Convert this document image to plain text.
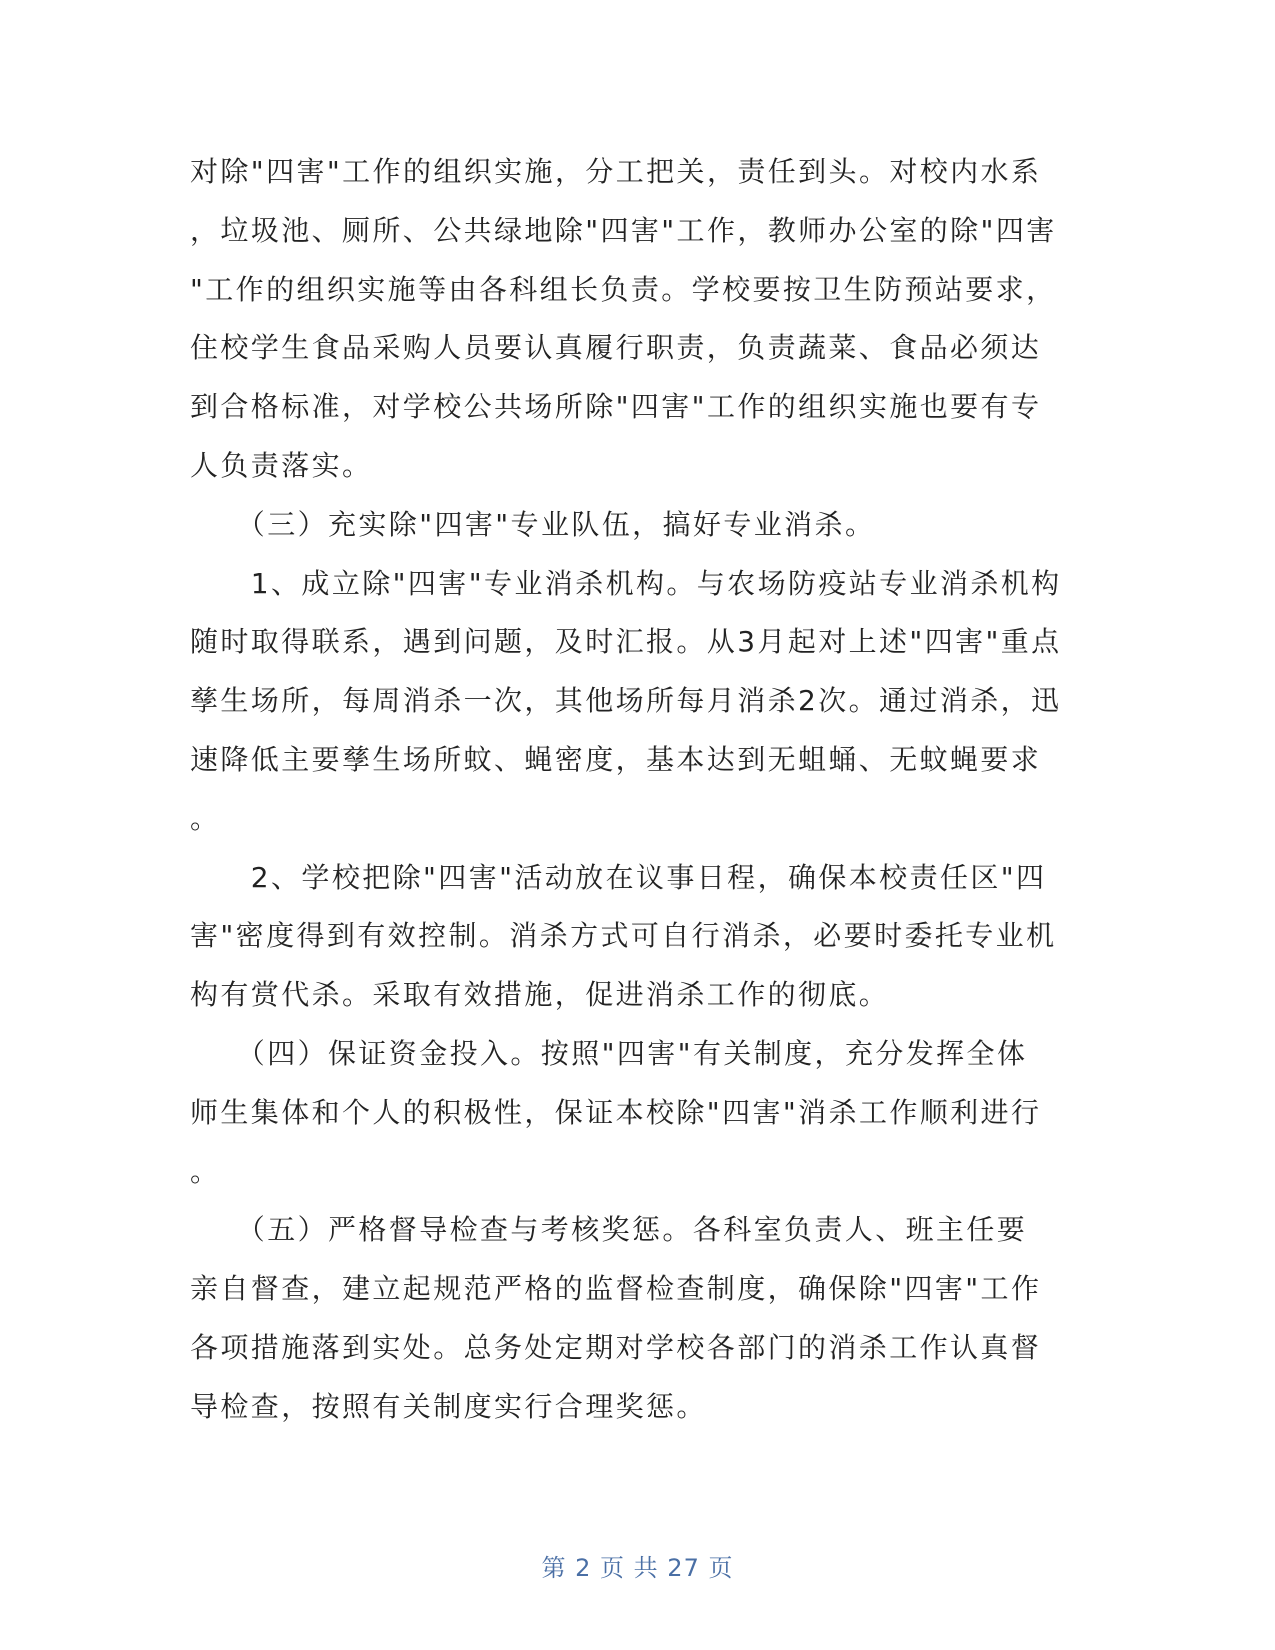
对除"四害"工作的组织实施，分工把关，责任到头。对校内水系
，垃圾池、厕所、公共绿地除"四害"工作，教师办公室的除"四害
"工作的组织实施等由各科组长负责。学校要按卫生防预站要求，
住校学生食品采购人员要认真履行职责，负责蔬菜、食品必须达
到合格标准，对学校公共场所除"四害"工作的组织实施也要有专
人负责落实。

　　（三）充实除"四害"专业队伍，搞好专业消杀。

　　1、成立除"四害"专业消杀机构。与农场防疫站专业消杀机构
随时取得联系，遇到问题，及时汇报。从3月起对上述"四害"重点
孳生场所，每周消杀一次，其他场所每月消杀2次。通过消杀，迅
速降低主要孳生场所蚊、蝇密度，基本达到无蛆蛹、无蚊蝇要求
。

　　2、学校把除"四害"活动放在议事日程，确保本校责任区"四
害"密度得到有效控制。消杀方式可自行消杀，必要时委托专业机
构有赏代杀。采取有效措施，促进消杀工作的彻底。

　　（四）保证资金投入。按照"四害"有关制度，充分发挥全体
师生集体和个人的积极性，保证本校除"四害"消杀工作顺利进行
。

　　（五）严格督导检查与考核奖惩。各科室负责人、班主任要
亲自督查，建立起规范严格的监督检查制度，确保除"四害"工作
各项措施落到实处。总务处定期对学校各部门的消杀工作认真督
导检查，按照有关制度实行合理奖惩。

第 2 页 共 27 页
